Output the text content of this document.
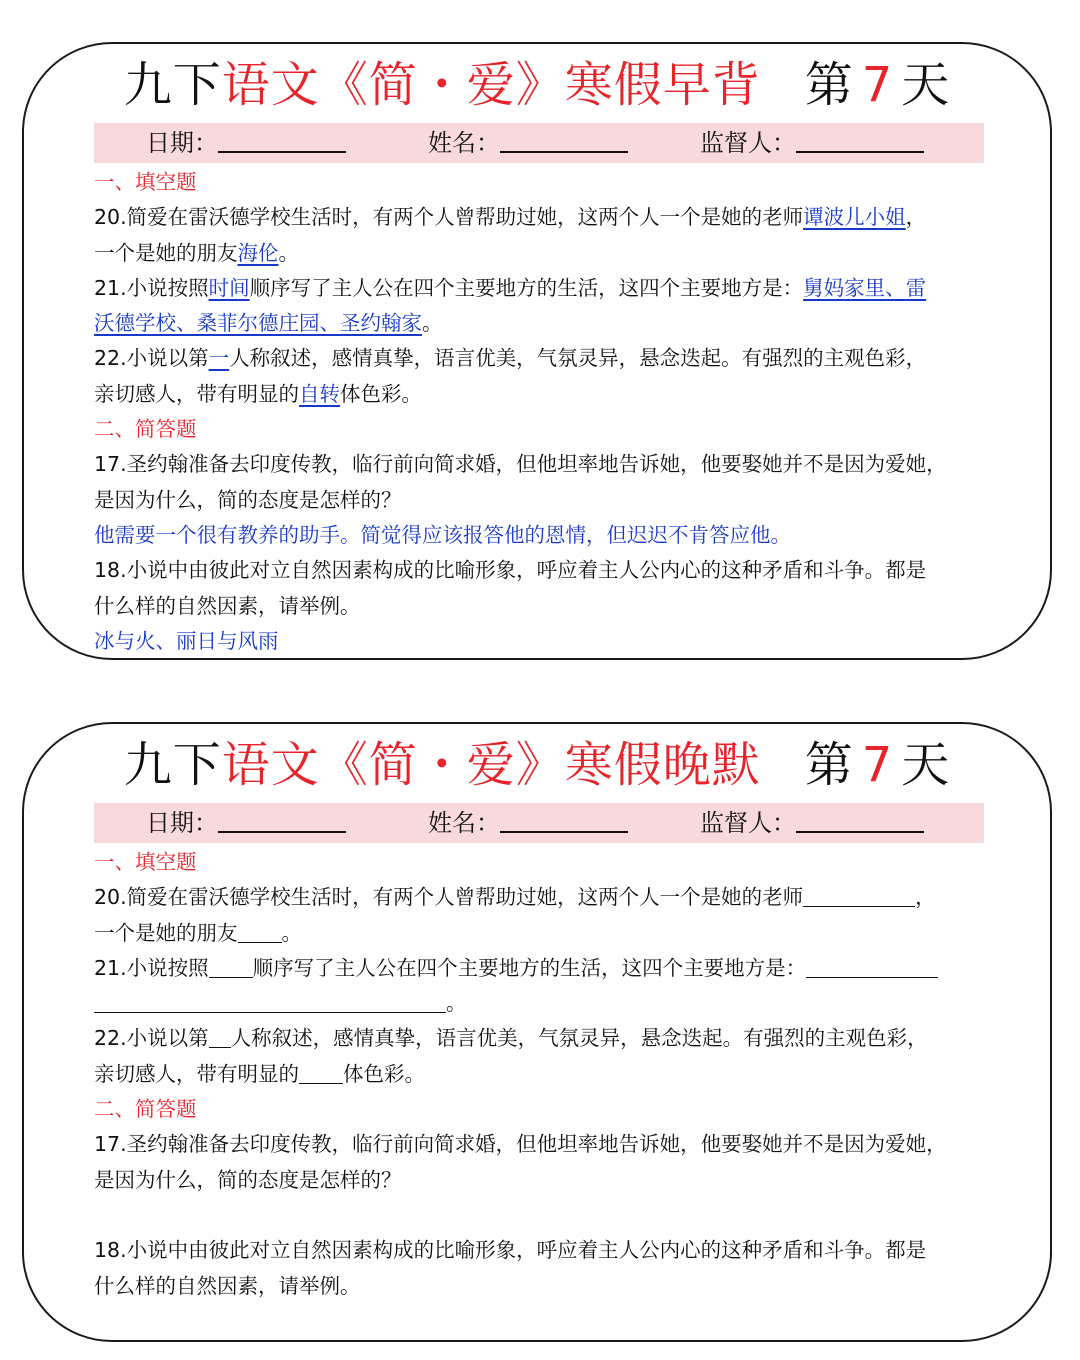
九下语文《简・爱》寒假早背 第 7 天
日期：	姓名：	监督人：
一、填空题
20.简爱在雷沃德学校生活时，有两个人曾帮助过她，这两个人一个是她的老师谭波儿小姐，
一个是她的朋友海伦。
21.小说按照时间顺序写了主人公在四个主要地方的生活，这四个主要地方是：舅妈家里、雷
沃德学校、桑菲尔德庄园、圣约翰家。
22.小说以第一人称叙述，感情真挚，语言优美，气氛灵异，悬念迭起。有强烈的主观色彩，
亲切感人，带有明显的自转体色彩。
二、简答题
17.圣约翰准备去印度传教，临行前向简求婚，但他坦率地告诉她，他要娶她并不是因为爱她，
是因为什么，简的态度是怎样的？
他需要一个很有教养的助手。简觉得应该报答他的恩情，但迟迟不肯答应他。
18.小说中由彼此对立自然因素构成的比喻形象，呼应着主人公内心的这种矛盾和斗争。都是
什么样的自然因素，请举例。
冰与火、丽日与风雨
九下语文《简・爱》寒假晚默 第 7 天
日期：	姓名：	监督人：
一、填空题
20.简爱在雷沃德学校生活时，有两个人曾帮助过她，这两个人一个是她的老师	，
一个是她的朋友 。
21.小说按照 顺序写了主人公在四个主要地方的生活，这四个主要地方是：
。
22.小说以第 人称叙述，感情真挚，语言优美，气氛灵异，悬念迭起。有强烈的主观色彩，
亲切感人，带有明显的 体色彩。
二、简答题
17.圣约翰准备去印度传教，临行前向简求婚，但他坦率地告诉她，他要娶她并不是因为爱她，
是因为什么，简的态度是怎样的？
18.小说中由彼此对立自然因素构成的比喻形象，呼应着主人公内心的这种矛盾和斗争。都是
什么样的自然因素，请举例。
